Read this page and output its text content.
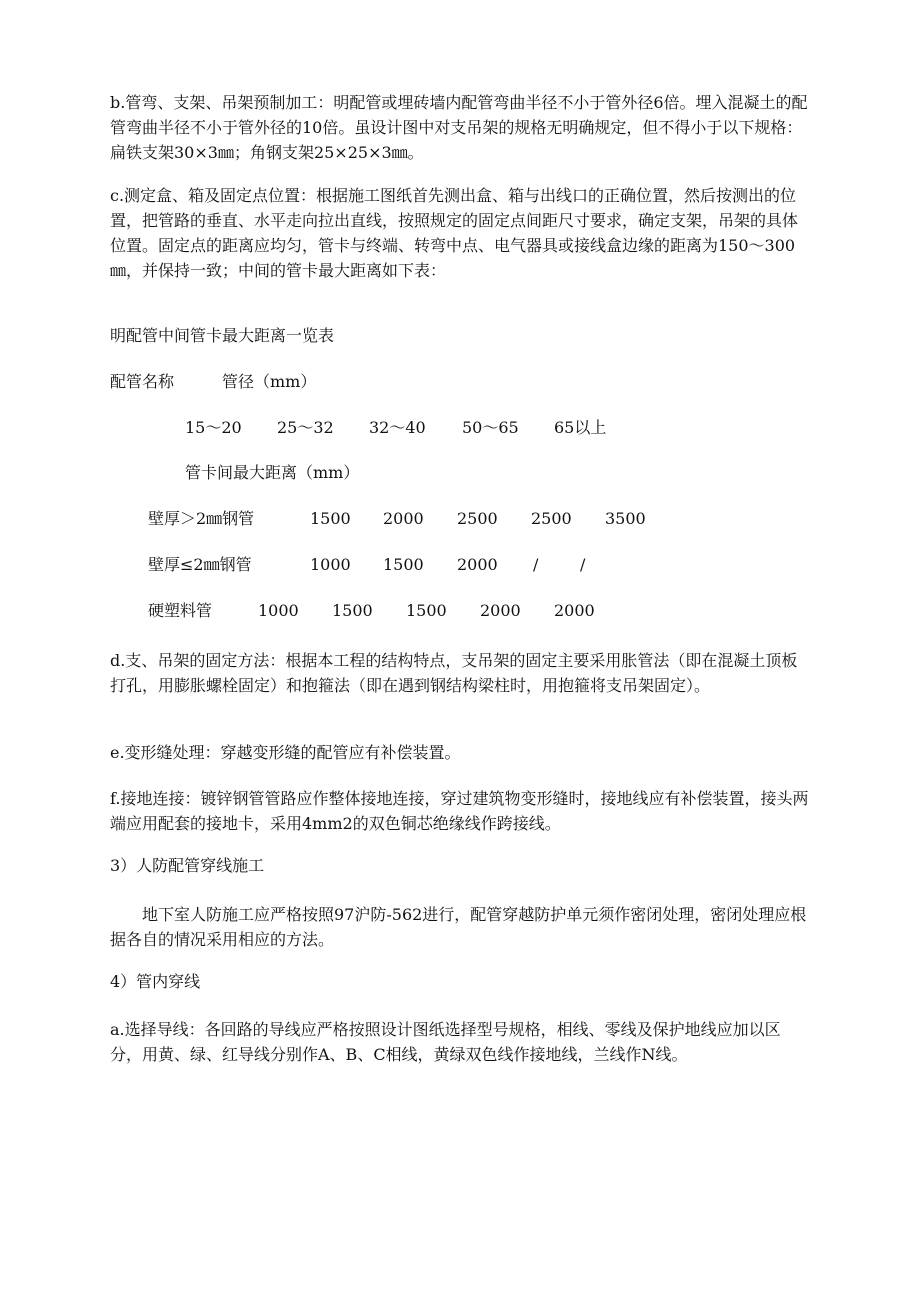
b.管弯、支架、吊架预制加工：明配管或埋砖墙内配管弯曲半径不小于管外径6倍。埋入混凝土的配管弯曲半径不小于管外径的10倍。虽设计图中对支吊架的规格无明确规定，但不得小于以下规格：扁铁支架30×3㎜；角钢支架25×25×3㎜。

c.测定盒、箱及固定点位置：根据施工图纸首先测出盒、箱与出线口的正确位置，然后按测出的位置，把管路的垂直、水平走向拉出直线，按照规定的固定点间距尺寸要求，确定支架，吊架的具体位置。固定点的距离应均匀，管卡与终端、转弯中点、电气器具或接线盒边缘的距离为150～300㎜，并保持一致；中间的管卡最大距离如下表：

明配管中间管卡最大距离一览表
配管名称	管径（mm）
15～20 25～32 32～40 50～65 65以上
管卡间最大距离（mm）
壁厚＞2㎜钢管	1500 2000 2500 2500 3500
壁厚≤2㎜钢管	1000 1500 2000 /	/
硬塑料管	1000 1500 1500 2000 2000

d.支、吊架的固定方法：根据本工程的结构特点，支吊架的固定主要采用胀管法（即在混凝土顶板打孔，用膨胀螺栓固定）和抱箍法（即在遇到钢结构梁柱时，用抱箍将支吊架固定）。

e.变形缝处理：穿越变形缝的配管应有补偿装置。

f.接地连接：镀锌钢管管路应作整体接地连接，穿过建筑物变形缝时，接地线应有补偿装置，接头两端应用配套的接地卡，采用4mm2的双色铜芯绝缘线作跨接线。

3）人防配管穿线施工

地下室人防施工应严格按照97沪防-562进行，配管穿越防护单元须作密闭处理，密闭处理应根据各自的情况采用相应的方法。

4）管内穿线

a.选择导线：各回路的导线应严格按照设计图纸选择型号规格，相线、零线及保护地线应加以区分，用黄、绿、红导线分别作A、B、C相线，黄绿双色线作接地线，兰线作N线。
